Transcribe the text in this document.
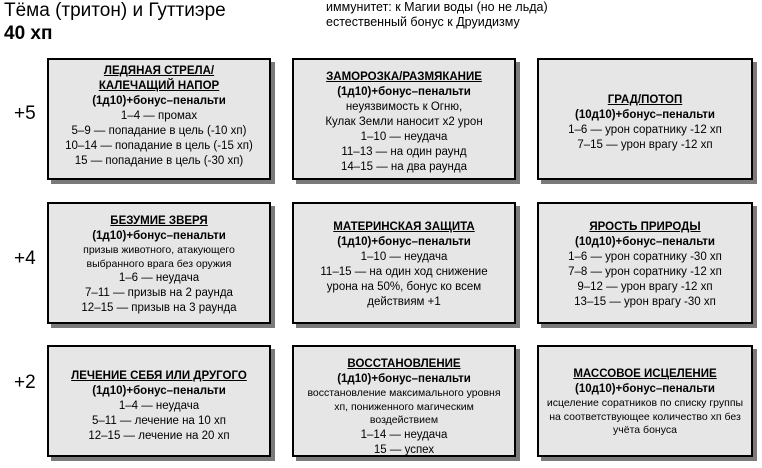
Тёма (тритон) и Гуттиэре
40 хп
иммунитет: к Магии воды (но не льда)
естественный бонус к Друидизму
+5
ЛЕДЯНАЯ СТРЕЛА/
КАЛЕЧАЩИЙ НАПОР
(1д10)+бонус–пенальти
1–4 — промах
5–9 — попадание в цель (-10 хп)
10–14 — попадание в цель (-15 хп)
15 — попадание в цель (-30 хп)
ЗАМОРОЗКА/РАЗМЯКАНИЕ
(1д10)+бонус–пенальти
неуязвимость к Огню,
Кулак Земли наносит x2 урон
1–10 — неудача
11–13 — на один раунд
14–15 — на два раунда
ГРАД/ПОТОП
(10д10)+бонус–пенальти
1–6 — урон соратнику -12 хп
7–15 — урон врагу -12 хп
+4
БЕЗУМИЕ ЗВЕРЯ
(1д10)+бонус–пенальти
призыв животного, атакующего
выбранного врага без оружия
1–6 — неудача
7–11 — призыв на 2 раунда
12–15 — призыв на 3 раунда
МАТЕРИНСКАЯ ЗАЩИТА
(1д10)+бонус–пенальти
1–10 — неудача
11–15 — на один ход снижение
урона на 50%, бонус ко всем
действиям +1
ЯРОСТЬ ПРИРОДЫ
(10д10)+бонус–пенальти
1–6 — урон соратнику -30 хп
7–8 — урон соратнику -12 хп
9–12 — урон врагу -12 хп
13–15 — урон врагу -30 хп
+2	ЛЕЧЕНИЕ СЕБЯ ИЛИ ДРУГОГО
(1д10)+бонус–пенальти
1–4 — неудача
5–11 — лечение на 10 хп
12–15 — лечение на 20 хп
ВОССТАНОВЛЕНИЕ
(1д10)+бонус–пенальти
восстановление максимального уровня
хп, пониженного магическим
воздействием
1–14 — неудача
15 — успех
МАССОВОЕ ИСЦЕЛЕНИЕ
(10д10)+бонус–пенальти
исцеление соратников по списку группы
на соответствующее количество хп без
учёта бонуса
